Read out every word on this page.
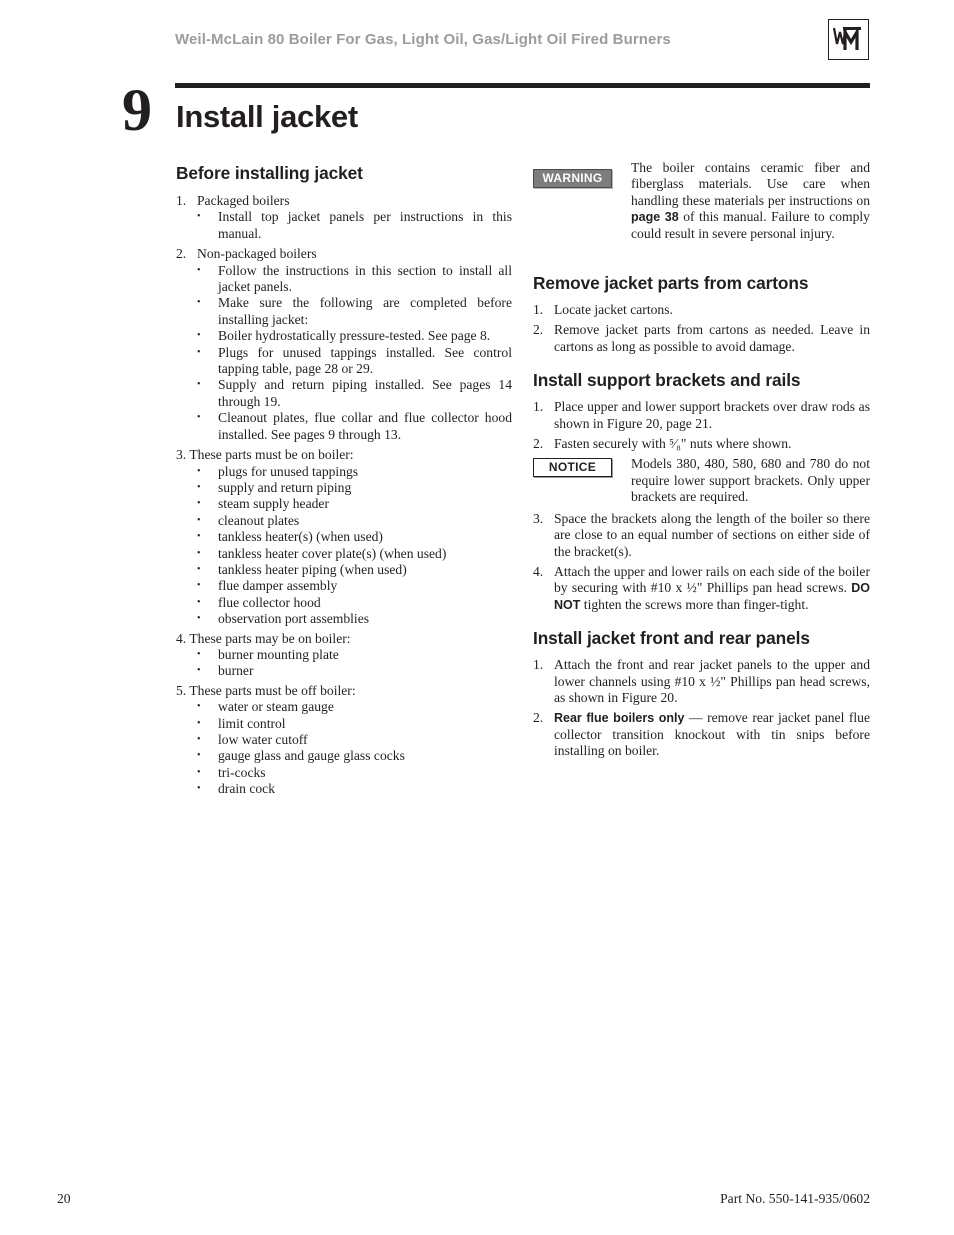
Weil-McLain 80 Boiler For Gas, Light Oil, Gas/Light Oil Fired Burners
9 Install jacket
Before installing jacket
1. Packaged boilers
• Install top jacket panels per instructions in this manual.
2. Non-packaged boilers
• Follow the instructions in this section to install all jacket panels.
• Make sure the following are completed before installing jacket:
• Boiler hydrostatically pressure-tested. See page 8.
• Plugs for unused tappings installed. See control tapping table, page 28 or 29.
• Supply and return piping installed. See pages 14 through 19.
• Cleanout plates, flue collar and flue collector hood installed. See pages 9 through 13.
3. These parts must be on boiler:
• plugs for unused tappings
• supply and return piping
• steam supply header
• cleanout plates
• tankless heater(s) (when used)
• tankless heater cover plate(s) (when used)
• tankless heater piping (when used)
• flue damper assembly
• flue collector hood
• observation port assemblies
4. These parts may be on boiler:
• burner mounting plate
• burner
5. These parts must be off boiler:
• water or steam gauge
• limit control
• low water cutoff
• gauge glass and gauge glass cocks
• tri-cocks
• drain cock
WARNING
The boiler contains ceramic fiber and fiberglass materials. Use care when handling these materials per instructions on page 38 of this manual. Failure to comply could result in severe personal injury.
Remove jacket parts from cartons
1. Locate jacket cartons.
2. Remove jacket parts from cartons as needed. Leave in cartons as long as possible to avoid damage.
Install support brackets and rails
1. Place upper and lower support brackets over draw rods as shown in Figure 20, page 21.
2. Fasten securely with ⁵⁄₈" nuts where shown.
NOTICE	Models 380, 480, 580, 680 and 780 do not require lower support brackets. Only upper brackets are required.
3. Space the brackets along the length of the boiler so there are close to an equal number of sections on either side of the bracket(s).
4. Attach the upper and lower rails on each side of the boiler by securing with #10 x ½" Phillips pan head screws. DO NOT tighten the screws more than finger-tight.
Install jacket front and rear panels
1. Attach the front and rear jacket panels to the upper and lower channels using #10 x ½" Phillips pan head screws, as shown in Figure 20.
2. Rear flue boilers only — remove rear jacket panel flue collector transition knockout with tin snips before installing on boiler.
20	Part No. 550-141-935/0602
